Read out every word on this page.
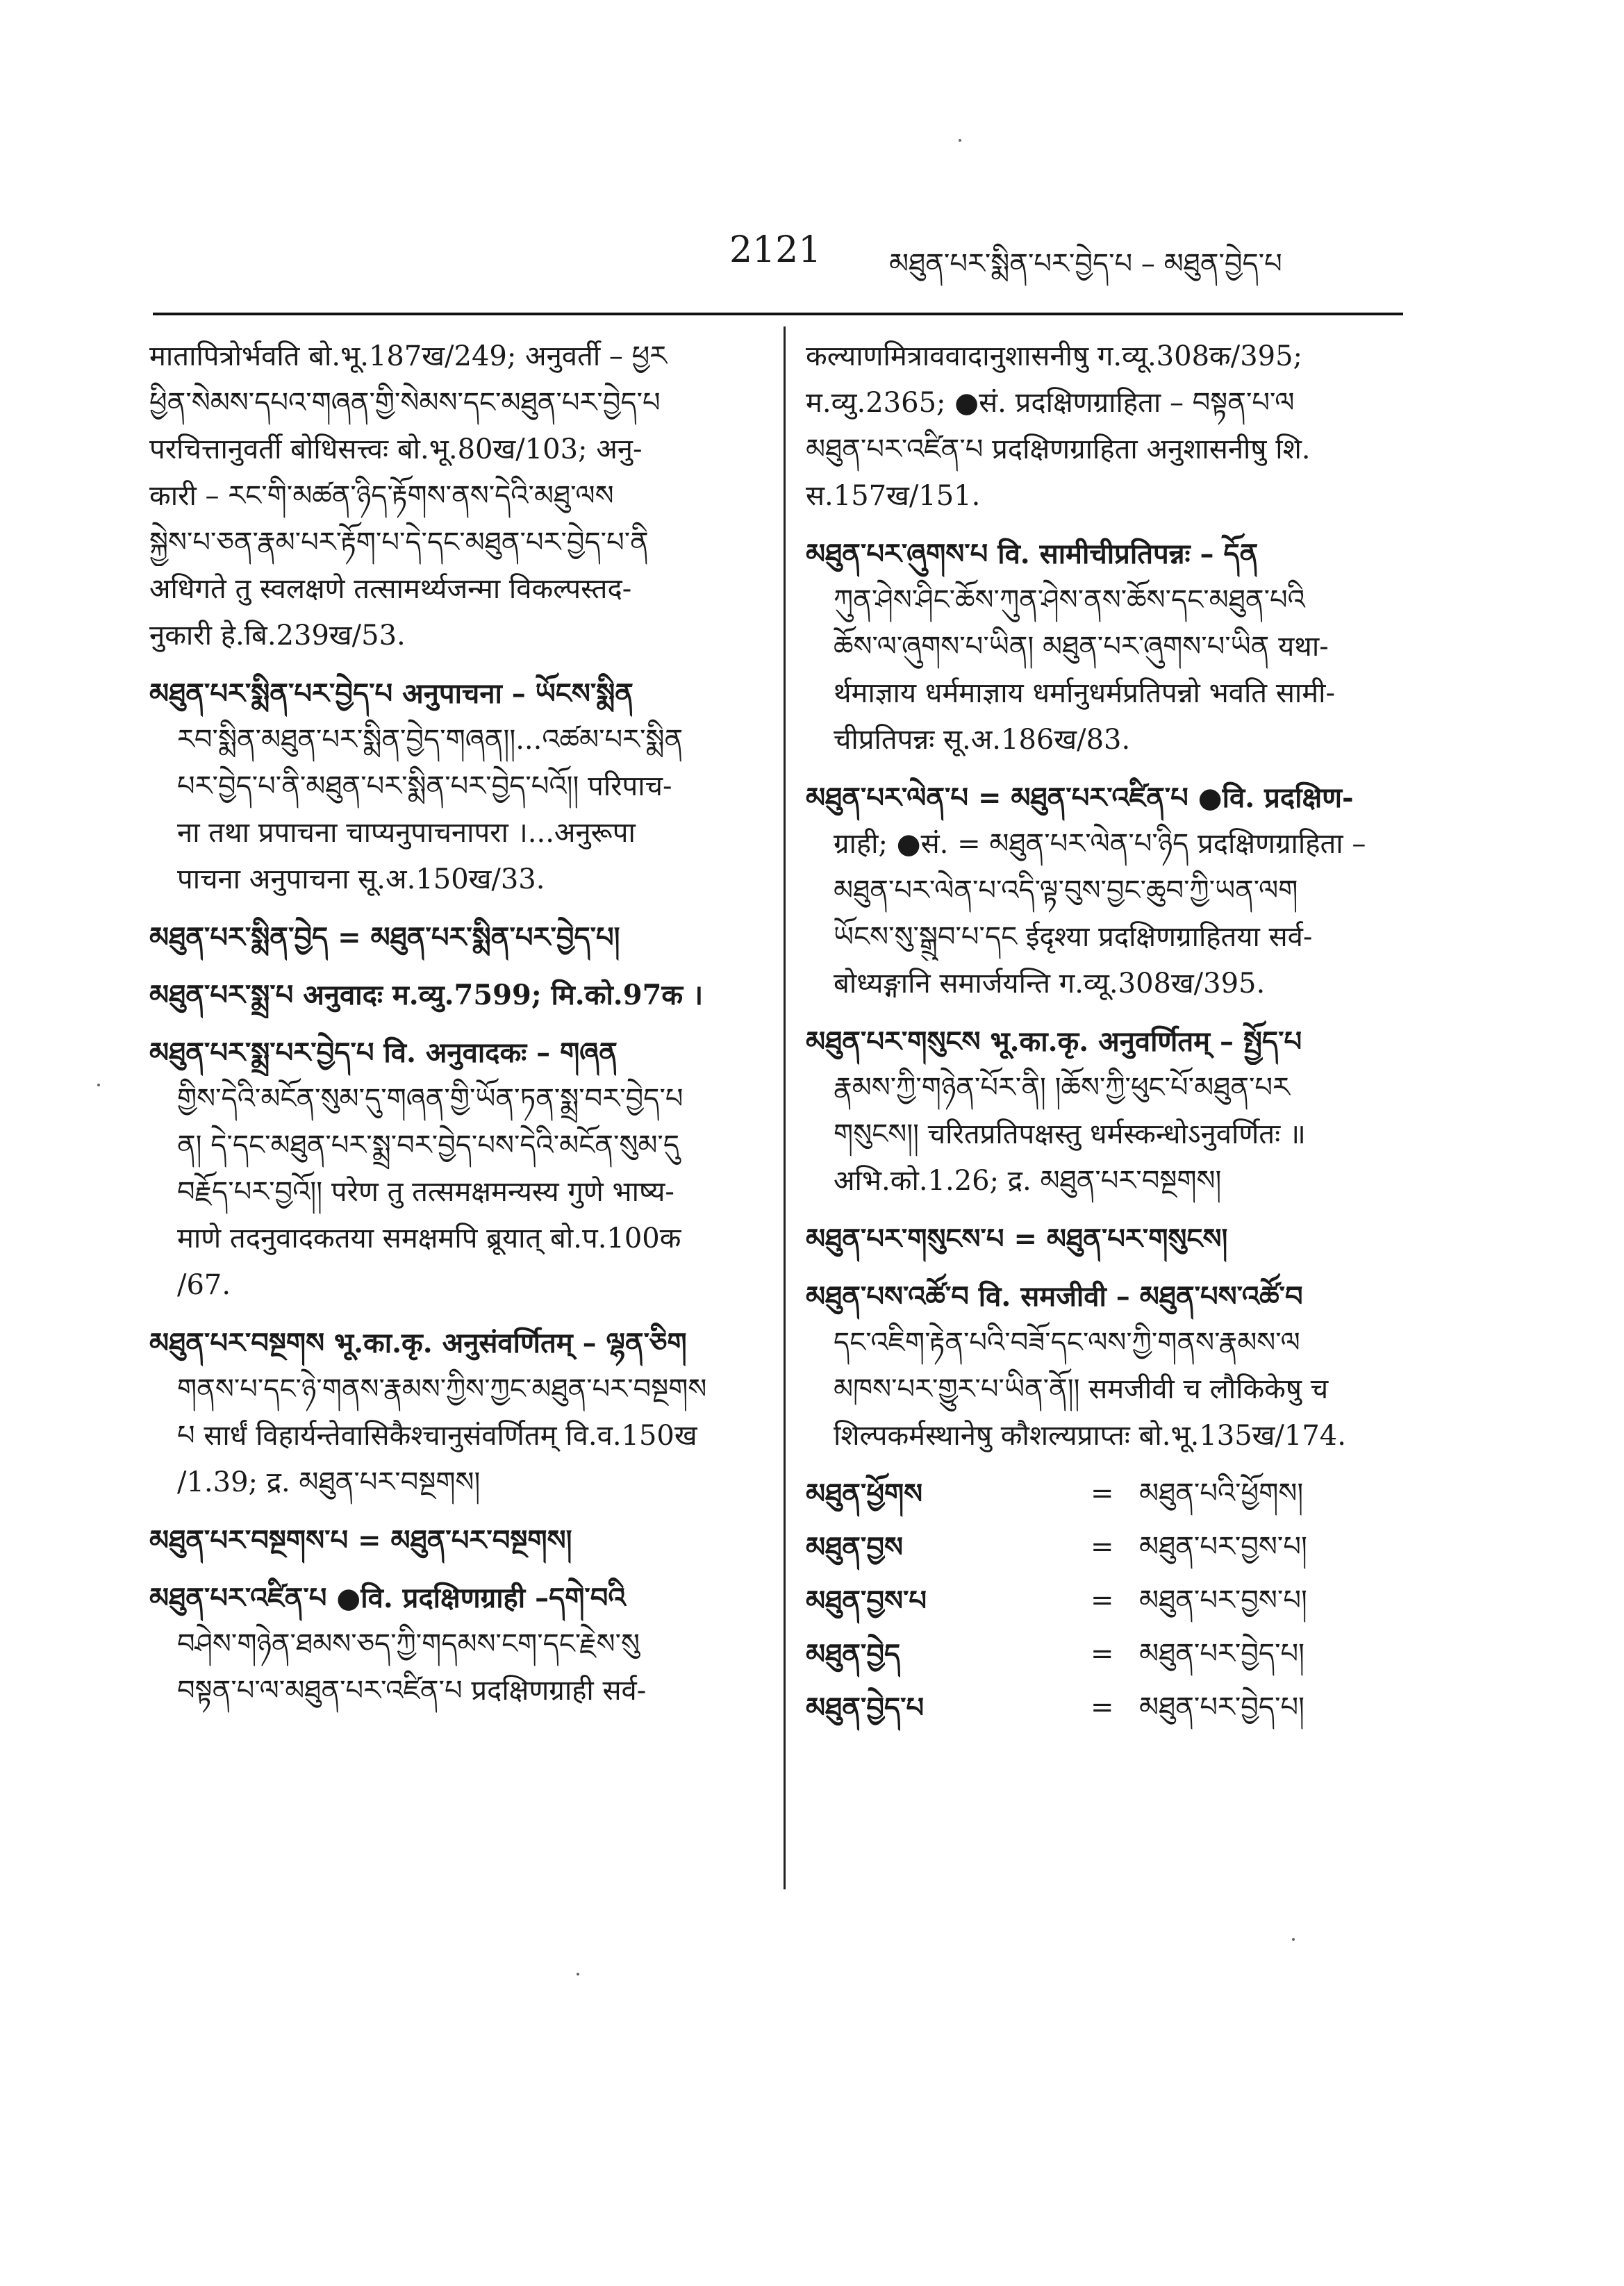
2121 མཐུན་པར་སྨིན་པར་བྱེད་པ – མཐུན་བྱེད་པ
मातापित्रोर्भवति बो.भू.187ख/249; अनुवर्ती – ཕྱར
ཕྱིན་སེམས་དཔའ་གཞན་གྱི་སེམས་དང་མཐུན་པར་བྱེད་པ
परचित्तानुवर्ती बोधिसत्त्वः बो.भू.80ख/103; अनु-
कारी – རང་གི་མཚན་ཉིད་རྟོགས་ནས་དེའི་མཐུ་ལས
སྐྱེས་པ་ཅན་རྣམ་པར་རྟོག་པ་དེ་དང་མཐུན་པར་བྱེད་པ་ནི
अधिगते तु स्वलक्षणे तत्सामर्थ्यजन्मा विकल्पस्तद-
नुकारी हे.बि.239ख/53.
མཐུན་པར་སྨིན་པར་བྱེད་པ अनुपाचना – ཡོངས་སྨིན
རབ་སྨིན་མཐུན་པར་སྨིན་བྱེད་གཞན།།...འཚམ་པར་སྨིན
པར་བྱེད་པ་ནི་མཐུན་པར་སྨིན་པར་བྱེད་པའོ།། परिपाच-
ना तथा प्रपाचना चाप्यनुपाचनापरा ।...अनुरूपा
पाचना अनुपाचना सू.अ.150ख/33.
མཐུན་པར་སྨིན་བྱེད = མཐུན་པར་སྨིན་པར་བྱེད་པ།
མཐུན་པར་སྨྲ་པ अनुवादः म.व्यु.7599; मि.को.97क ।
མཐུན་པར་སྨྲ་པར་བྱེད་པ वि. अनुवादकः – གཞན
གྱིས་དེའི་མངོན་སུམ་དུ་གཞན་གྱི་ཡོན་ཏན་སྨྲ་བར་བྱེད་པ
ན། དེ་དང་མཐུན་པར་སྨྲ་བར་བྱེད་པས་དེའི་མངོན་སུམ་དུ
བརྗོད་པར་བྱའོ།། परेण तु तत्समक्षमन्यस्य गुणे भाष्य-
माणे तदनुवादकतया समक्षमपि ब्रूयात् बो.प.100क
/67.
མཐུན་པར་བསྔགས भू.का.कृ. अनुसंवर्णितम् – ལྷན་ཅིག
གནས་པ་དང་ཉེ་གནས་རྣམས་ཀྱིས་ཀྱང་མཐུན་པར་བསྔགས
པ सार्धं विहार्यन्तेवासिकैश्चानुसंवर्णितम् वि.व.150ख
/1.39; द्र. མཐུན་པར་བསྔགས།
མཐུན་པར་བསྔགས་པ = མཐུན་པར་བསྔགས།
མཐུན་པར་འཛིན་པ ●वि. प्रदक्षिणग्राही –དགེ་བའི
བཤེས་གཉེན་ཐམས་ཅད་ཀྱི་གདམས་ངག་དང་རྗེས་སུ
བསྟན་པ་ལ་མཐུན་པར་འཛིན་པ प्रदक्षिणग्राही सर्व-
कल्याणमित्राववादानुशासनीषु ग.व्यू.308क/395;
म.व्यु.2365; ●सं. प्रदक्षिणग्राहिता – བསྟན་པ་ལ
མཐུན་པར་འཛིན་པ प्रदक्षिणग्राहिता अनुशासनीषु शि.
स.157ख/151.
མཐུན་པར་ཞུགས་པ वि. सामीचीप्रतिपन्नः – དོན
ཀུན་ཤེས་ཤིང་ཆོས་ཀུན་ཤེས་ནས་ཆོས་དང་མཐུན་པའི
ཆོས་ལ་ཞུགས་པ་ཡིན། མཐུན་པར་ཞུགས་པ་ཡིན यथा-
र्थमाज्ञाय धर्ममाज्ञाय धर्मानुधर्मप्रतिपन्नो भवति सामी-
चीप्रतिपन्नः सू.अ.186ख/83.
མཐུན་པར་ལེན་པ = མཐུན་པར་འཛིན་པ ●वि. प्रदक्षिण-
ग्राही; ●सं. = མཐུན་པར་ལེན་པ་ཉིད प्रदक्षिणग्राहिता –
མཐུན་པར་ལེན་པ་འདི་ལྟ་བུས་བྱང་ཆུབ་ཀྱི་ཡན་ལག
ཡོངས་སུ་སྒྲུབ་པ་དང ईदृश्या प्रदक्षिणग्राहितया सर्व-
बोध्यङ्गानि समार्जयन्ति ग.व्यू.308ख/395.
མཐུན་པར་གསུངས भू.का.कृ. अनुवर्णितम् – སྤྱོད་པ
རྣམས་ཀྱི་གཉེན་པོར་ནི། །ཆོས་ཀྱི་ཕུང་པོ་མཐུན་པར
གསུངས།། चरितप्रतिपक्षस्तु धर्मस्कन्धोऽनुवर्णितः ॥
अभि.को.1.26; द्र. མཐུན་པར་བསྔགས།
མཐུན་པར་གསུངས་པ = མཐུན་པར་གསུངས།
མཐུན་པས་འཚོ་བ वि. समजीवी – མཐུན་པས་འཚོ་བ
དང་འཇིག་རྟེན་པའི་བཟོ་དང་ལས་ཀྱི་གནས་རྣམས་ལ
མཁས་པར་གྱུར་པ་ཡིན་ནོ།། समजीवी च लौकिकेषु च
शिल्पकर्मस्थानेषु कौशल्यप्राप्तः बो.भू.135ख/174.
མཐུན་ཕྱོགས	= མཐུན་པའི་ཕྱོགས།
མཐུན་བྱས	= མཐུན་པར་བྱས་པ།
མཐུན་བྱས་པ	= མཐུན་པར་བྱས་པ།
མཐུན་བྱེད	= མཐུན་པར་བྱེད་པ།
མཐུན་བྱེད་པ	= མཐུན་པར་བྱེད་པ།
